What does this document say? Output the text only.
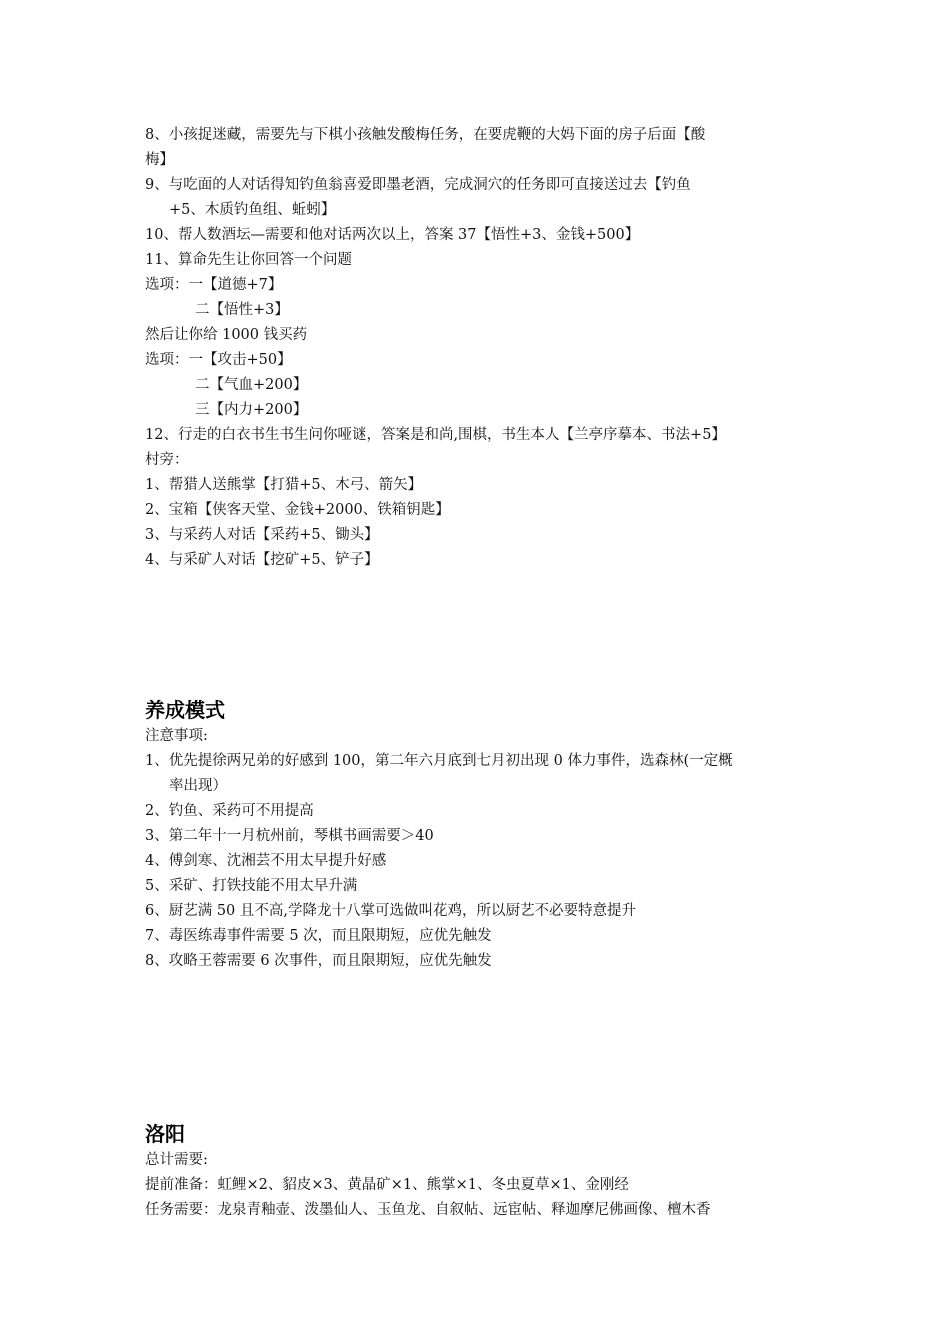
8、小孩捉迷藏，需要先与下棋小孩触发酸梅任务，在要虎鞭的大妈下面的房子后面【酸
梅】
9、与吃面的人对话得知钓鱼翁喜爱即墨老酒，完成洞穴的任务即可直接送过去【钓鱼
+5、木质钓鱼组、蚯蚓】
10、帮人数酒坛—需要和他对话两次以上，答案 37【悟性+3、金钱+500】
11、算命先生让你回答一个问题
选项：一【道德+7】
二【悟性+3】
然后让你给 1000 钱买药
选项：一【攻击+50】
二【气血+200】
三【内力+200】
12、行走的白衣书生书生问你哑谜，答案是和尚,围棋，书生本人【兰亭序摹本、书法+5】
村旁：
1、帮猎人送熊掌【打猎+5、木弓、箭矢】
2、宝箱【侠客天堂、金钱+2000、铁箱钥匙】
3、与采药人对话【采药+5、锄头】
4、与采矿人对话【挖矿+5、铲子】
养成模式
注意事项:
1、优先提徐两兄弟的好感到 100，第二年六月底到七月初出现 0 体力事件，选森林(一定概
率出现）
2、钓鱼、采药可不用提高
3、第二年十一月杭州前，琴棋书画需要＞40
4、傅剑寒、沈湘芸不用太早提升好感
5、采矿、打铁技能不用太早升满
6、厨艺满 50 且不高,学降龙十八掌可选做叫花鸡，所以厨艺不必要特意提升
7、毒医练毒事件需要 5 次，而且限期短，应优先触发
8、攻略王蓉需要 6 次事件，而且限期短，应优先触发
洛阳
总计需要:
提前准备：虹鲤×2、貂皮×3、黄晶矿×1、熊掌×1、冬虫夏草×1、金刚经
任务需要：龙泉青釉壶、泼墨仙人、玉鱼龙、自叙帖、远宦帖、释迦摩尼佛画像、檀木香
